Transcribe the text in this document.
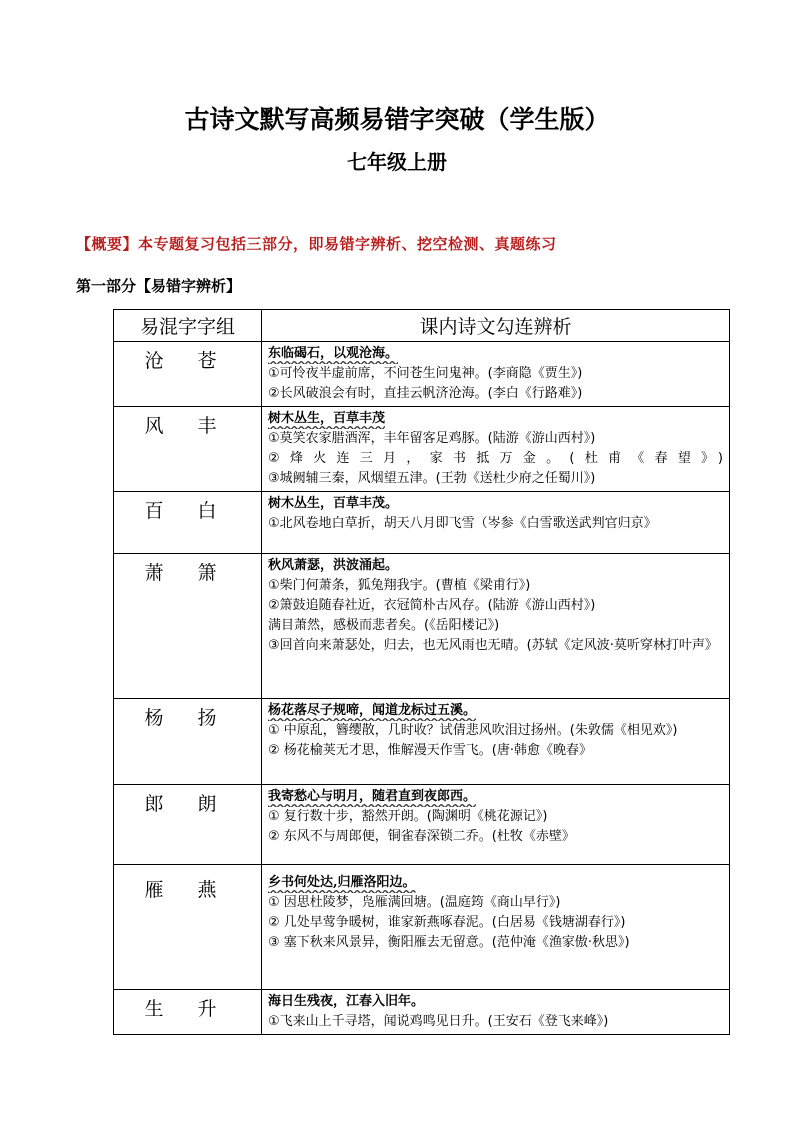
古诗文默写高频易错字突破（学生版）
七年级上册
【概要】本专题复习包括三部分，即易错字辨析、挖空检测、真题练习
第一部分【易错字辨析】
易混字字组	课内诗文勾连辨析
沧 苍	东临碣石，以观沧海。
①可怜夜半虚前席，不问苍生问鬼神。(李商隐《贾生》)
②长风破浪会有时，直挂云帆济沧海。(李白《行路难》)

风 丰	树木丛生，百草丰茂
①莫笑农家腊酒浑，丰年留客足鸡豚。(陆游《游山西村》)
②烽火连三月，家书抵万金。(杜甫《春望》)
③城阙辅三秦，风烟望五津。(王勃《送杜少府之任蜀川》)

百 白	树木丛生，百草丰茂。
①北风卷地白草折，胡天八月即飞雪（岑参《白雪歌送武判官归京》

萧 箫	秋风萧瑟，洪波涌起。
①柴门何萧条，狐兔翔我宇。(曹植《梁甫行》)
②箫鼓追随春社近，衣冠简朴古风存。(陆游《游山西村》)
满目萧然，感极而悲者矣。(《岳阳楼记》)
③回首向来萧瑟处，归去，也无风雨也无晴。(苏轼《定风波·莫听穿林打叶声》

杨 扬	杨花落尽子规啼，闻道龙标过五溪。
① 中原乱，簪缨散，几时收？试倩悲风吹泪过扬州。(朱敦儒《相见欢》)
② 杨花榆荚无才思，惟解漫天作雪飞。(唐·韩愈《晚春》

郎 朗	我寄愁心与明月，随君直到夜郎西。
① 复行数十步，豁然开朗。(陶渊明《桃花源记》)
② 东风不与周郎便，铜雀春深锁二乔。(杜牧《赤壁》

雁 燕	乡书何处达,归雁洛阳边。
① 因思杜陵梦，凫雁满回塘。(温庭筠《商山早行》)
② 几处早莺争暖树，谁家新燕啄春泥。(白居易《钱塘湖春行》)
③ 塞下秋来风景异，衡阳雁去无留意。(范仲淹《渔家傲·秋思》)

生 升	海日生残夜，江春入旧年。
①飞来山上千寻塔，闻说鸡鸣见日升。(王安石《登飞来峰》)
